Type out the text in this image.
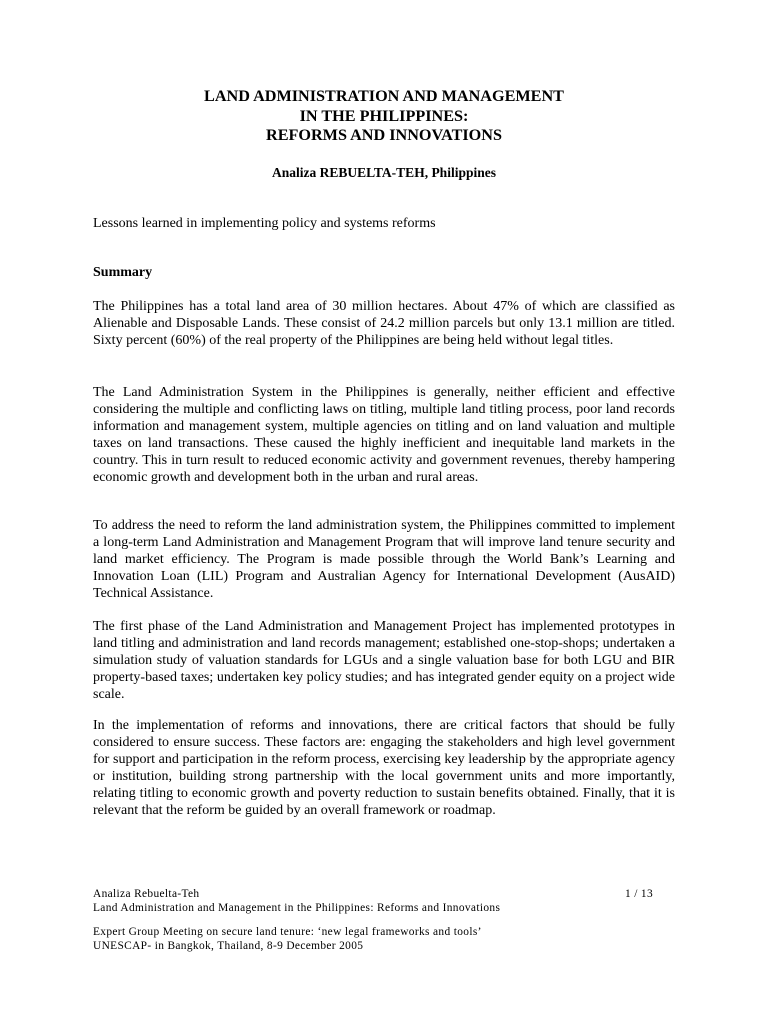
LAND ADMINISTRATION AND MANAGEMENT
IN THE PHILIPPINES:
REFORMS AND INNOVATIONS
Analiza REBUELTA-TEH, Philippines
Lessons learned in implementing policy and systems reforms
Summary

The Philippines has a total land area of 30 million hectares. About 47% of which are classified as Alienable and Disposable Lands. These consist of 24.2 million parcels but only 13.1 million are titled. Sixty percent (60%) of the real property of the Philippines are being held without legal titles.

The Land Administration System in the Philippines is generally, neither efficient and effective considering the multiple and conflicting laws on titling, multiple land titling process, poor land records information and management system, multiple agencies on titling and on land valuation and multiple taxes on land transactions. These caused the highly inefficient and inequitable land markets in the country. This in turn result to reduced economic activity and government revenues, thereby hampering economic growth and development both in the urban and rural areas.

To address the need to reform the land administration system, the Philippines committed to implement a long-term Land Administration and Management Program that will improve land tenure security and land market efficiency. The Program is made possible through the World Bank’s Learning and Innovation Loan (LIL) Program and Australian Agency for International Development (AusAID) Technical Assistance.

The first phase of the Land Administration and Management Project has implemented prototypes in land titling and administration and land records management; established one-stop-shops; undertaken a simulation study of valuation standards for LGUs and a single valuation base for both LGU and BIR property-based taxes; undertaken key policy studies; and has integrated gender equity on a project wide scale.

In the implementation of reforms and innovations, there are critical factors that should be fully considered to ensure success. These factors are: engaging the stakeholders and high level government for support and participation in the reform process, exercising key leadership by the appropriate agency or institution, building strong partnership with the local government units and more importantly, relating titling to economic growth and poverty reduction to sustain benefits obtained. Finally, that it is relevant that the reform be guided by an overall framework or roadmap.

Analiza Rebuelta-Teh	1 / 13
Land Administration and Management in the Philippines: Reforms and Innovations
Expert Group Meeting on secure land tenure: ‘new legal frameworks and tools’
UNESCAP- in Bangkok, Thailand, 8-9 December 2005
